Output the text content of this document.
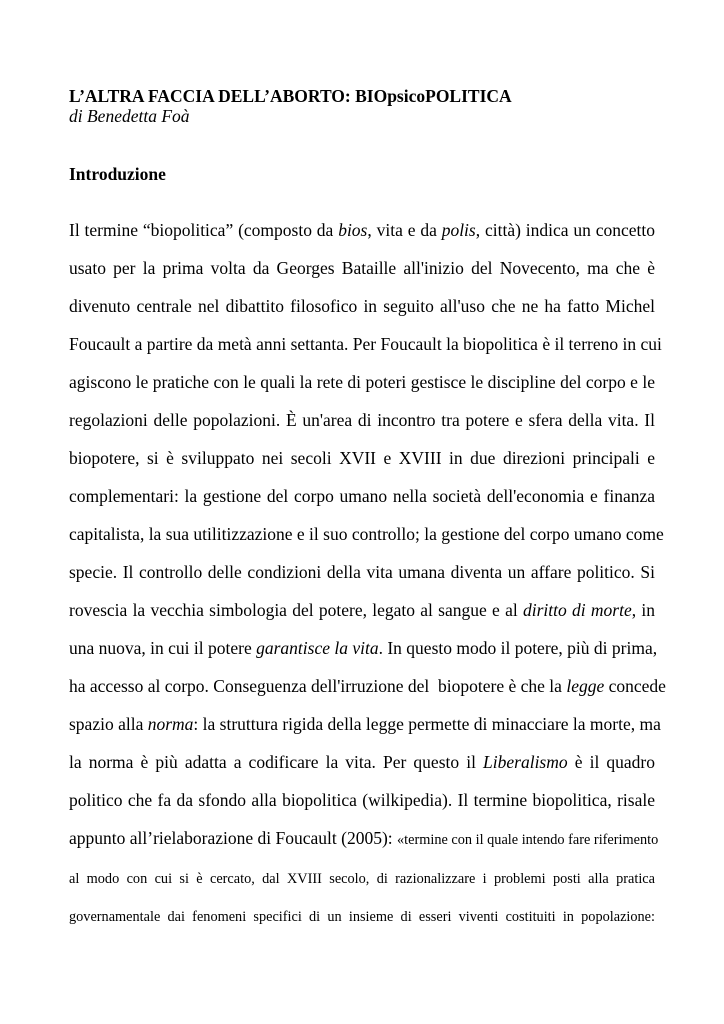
L’ALTRA FACCIA DELL’ABORTO: BIOpsicoPOLITICA
di Benedetta Foà
Introduzione
Il termine “biopolitica” (composto da bios, vita e da polis, città) indica un concetto
usato per la prima volta da Georges Bataille all'inizio del Novecento, ma che è
divenuto centrale nel dibattito filosofico in seguito all'uso che ne ha fatto Michel
Foucault a partire da metà anni settanta. Per Foucault la biopolitica è il terreno in cui
agiscono le pratiche con le quali la rete di poteri gestisce le discipline del corpo e le
regolazioni delle popolazioni. È un'area di incontro tra potere e sfera della vita. Il
biopotere, si è sviluppato nei secoli XVII e XVIII in due direzioni principali e
complementari: la gestione del corpo umano nella società dell'economia e finanza
capitalista, la sua utilitizzazione e il suo controllo; la gestione del corpo umano come
specie. Il controllo delle condizioni della vita umana diventa un affare politico. Si
rovescia la vecchia simbologia del potere, legato al sangue e al diritto di morte, in
una nuova, in cui il potere garantisce la vita. In questo modo il potere, più di prima,
ha accesso al corpo. Conseguenza dell'irruzione del  biopotere è che la legge concede
spazio alla norma: la struttura rigida della legge permette di minacciare la morte, ma
la norma è più adatta a codificare la vita. Per questo il Liberalismo è il quadro
politico che fa da sfondo alla biopolitica (wilkipedia). Il termine biopolitica, risale
appunto all’rielaborazione di Foucault (2005): «termine con il quale intendo fare riferimento
al modo con cui si è cercato, dal XVIII secolo, di razionalizzare i problemi posti alla pratica
governamentale dai fenomeni specifici di un insieme di esseri viventi costituiti in popolazione:
